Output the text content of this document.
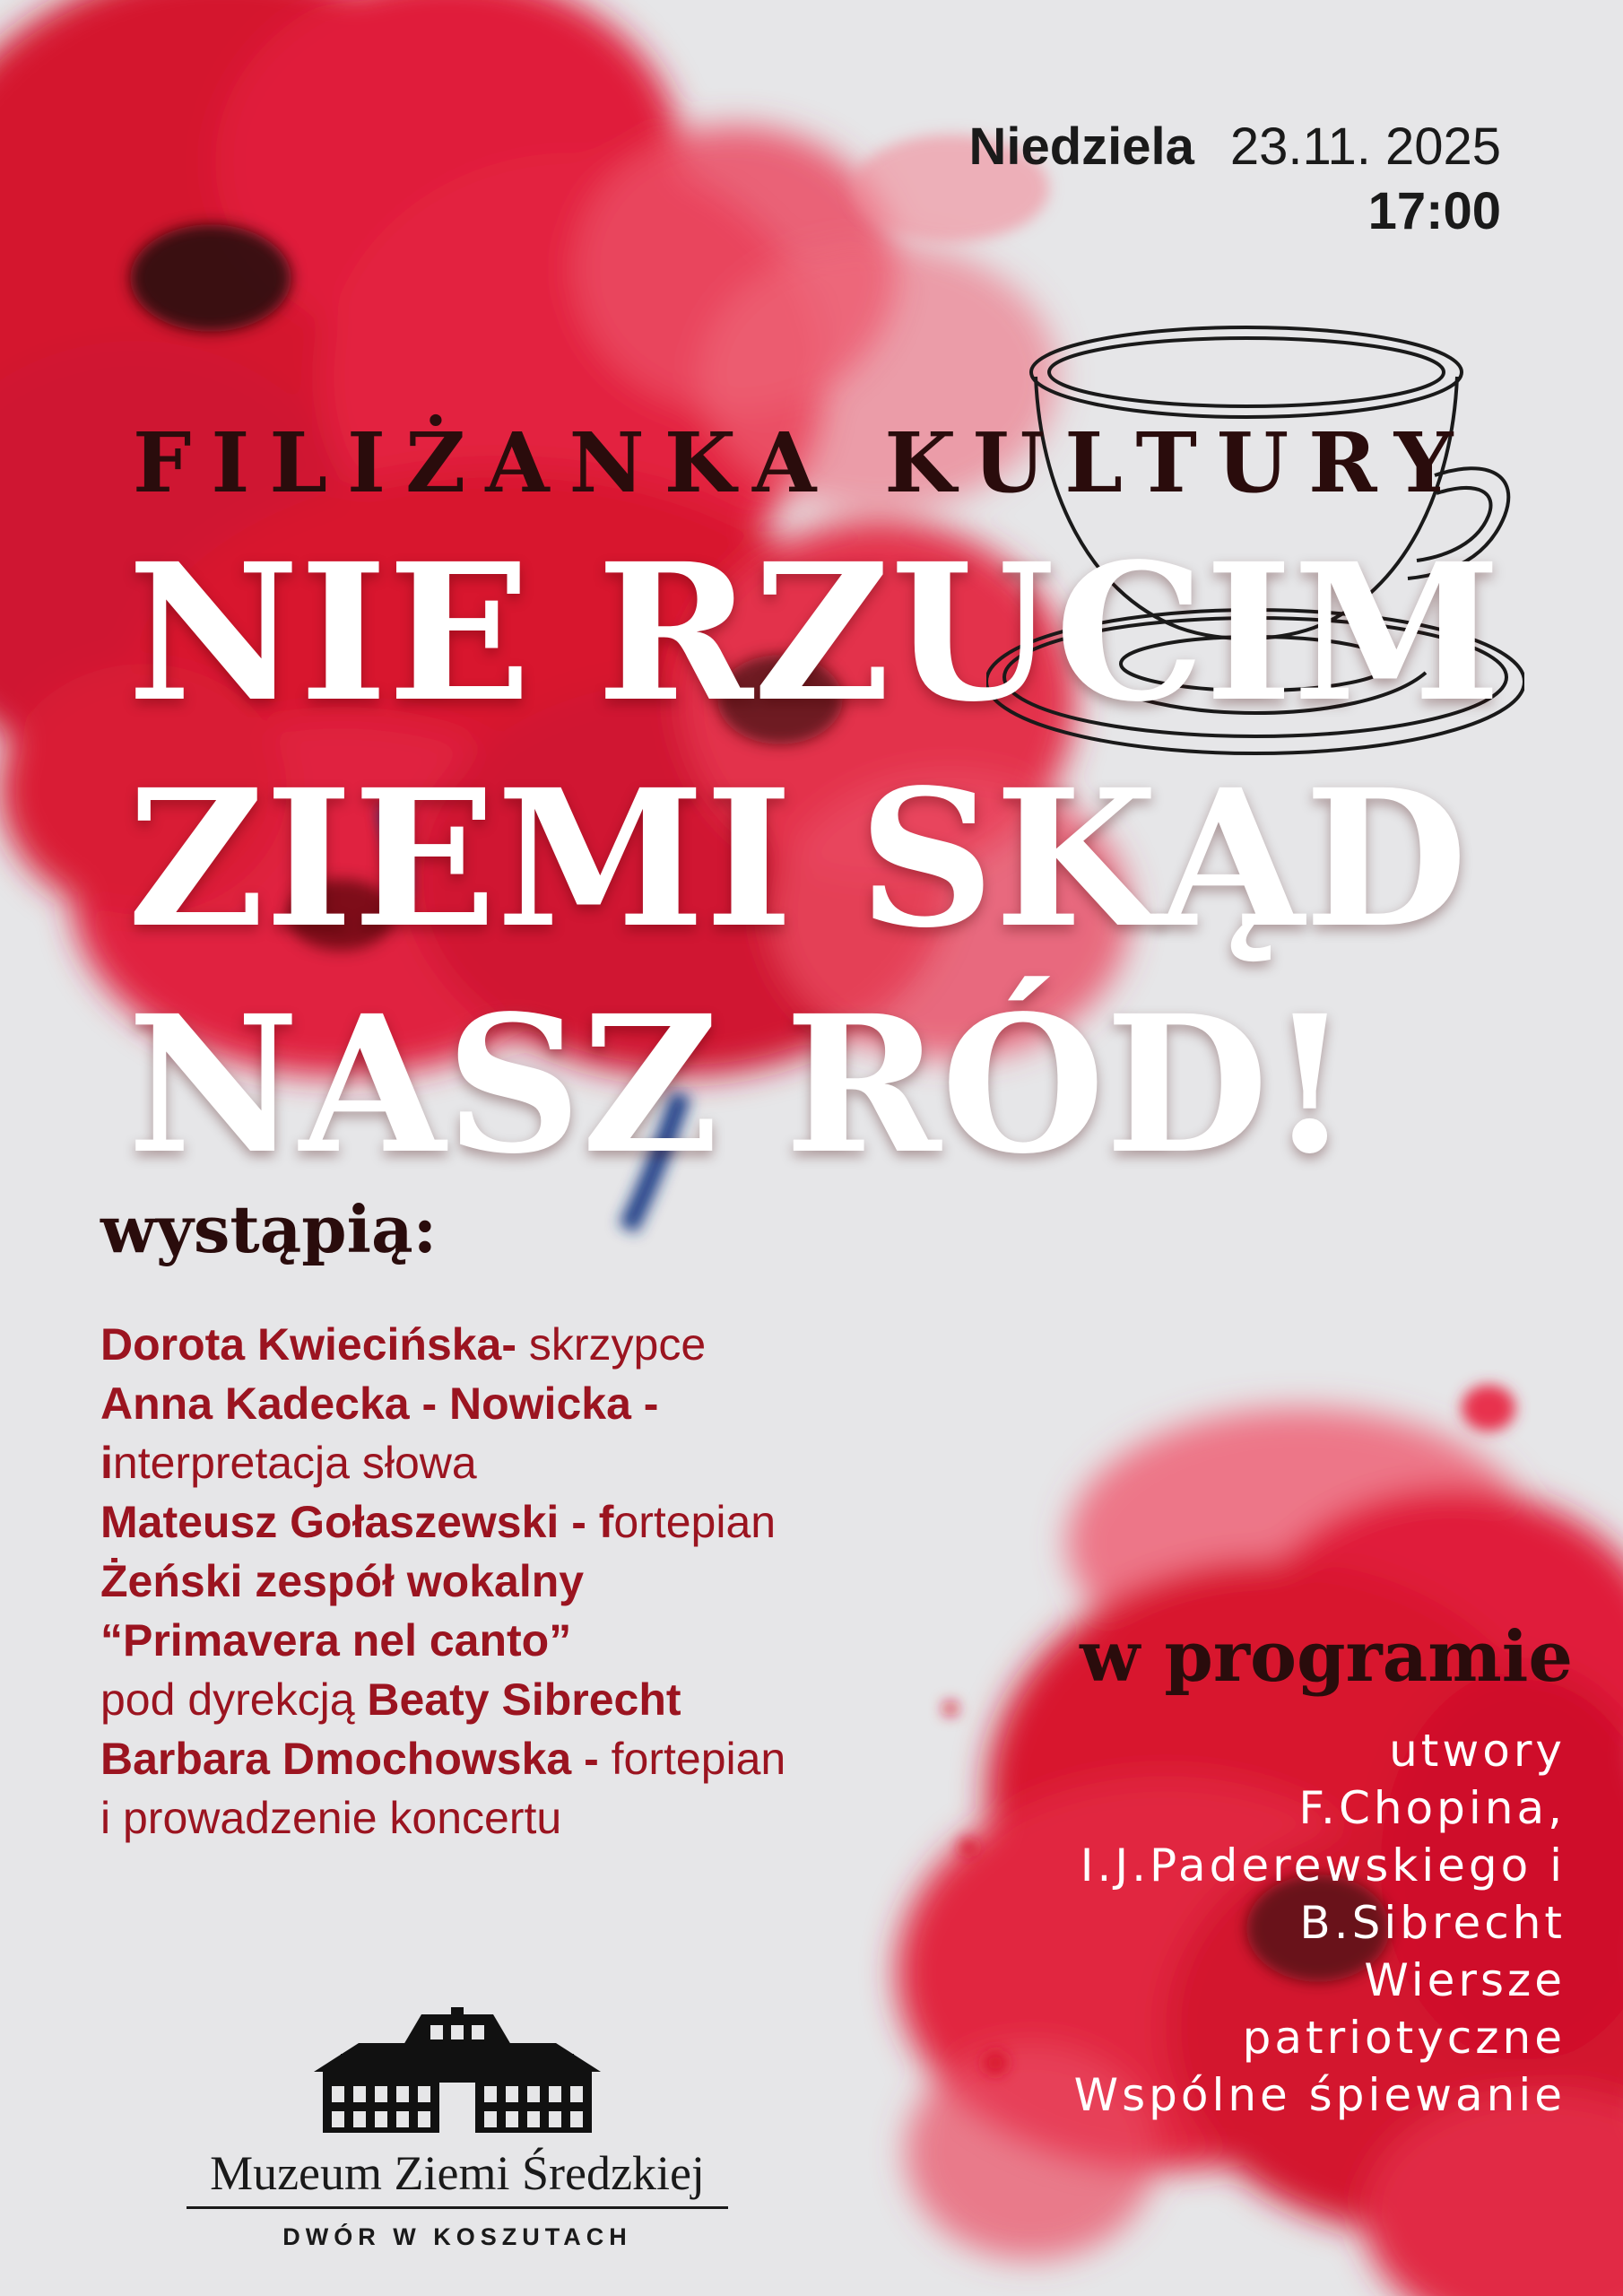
Niedziela 23.11. 2025
17:00
FILIŻANKA KULTURY
NIE RZUCIM
ZIEMI SKĄD
NASZ RÓD!
wystąpią:
Dorota Kwiecińska- skrzypce
Anna Kadecka - Nowicka -
interpretacja słowa
Mateusz Gołaszewski - fortepian
Żeński zespół wokalny
“Primavera nel canto”
pod dyrekcją Beaty Sibrecht
Barbara Dmochowska - fortepian
i prowadzenie koncertu
w programie
utwory
F.Chopina,
I.J.Paderewskiego i
B.Sibrecht
Wiersze
patriotyczne
Wspólne śpiewanie
Muzeum Ziemi Średzkiej
DWÓR W KOSZUTACH
